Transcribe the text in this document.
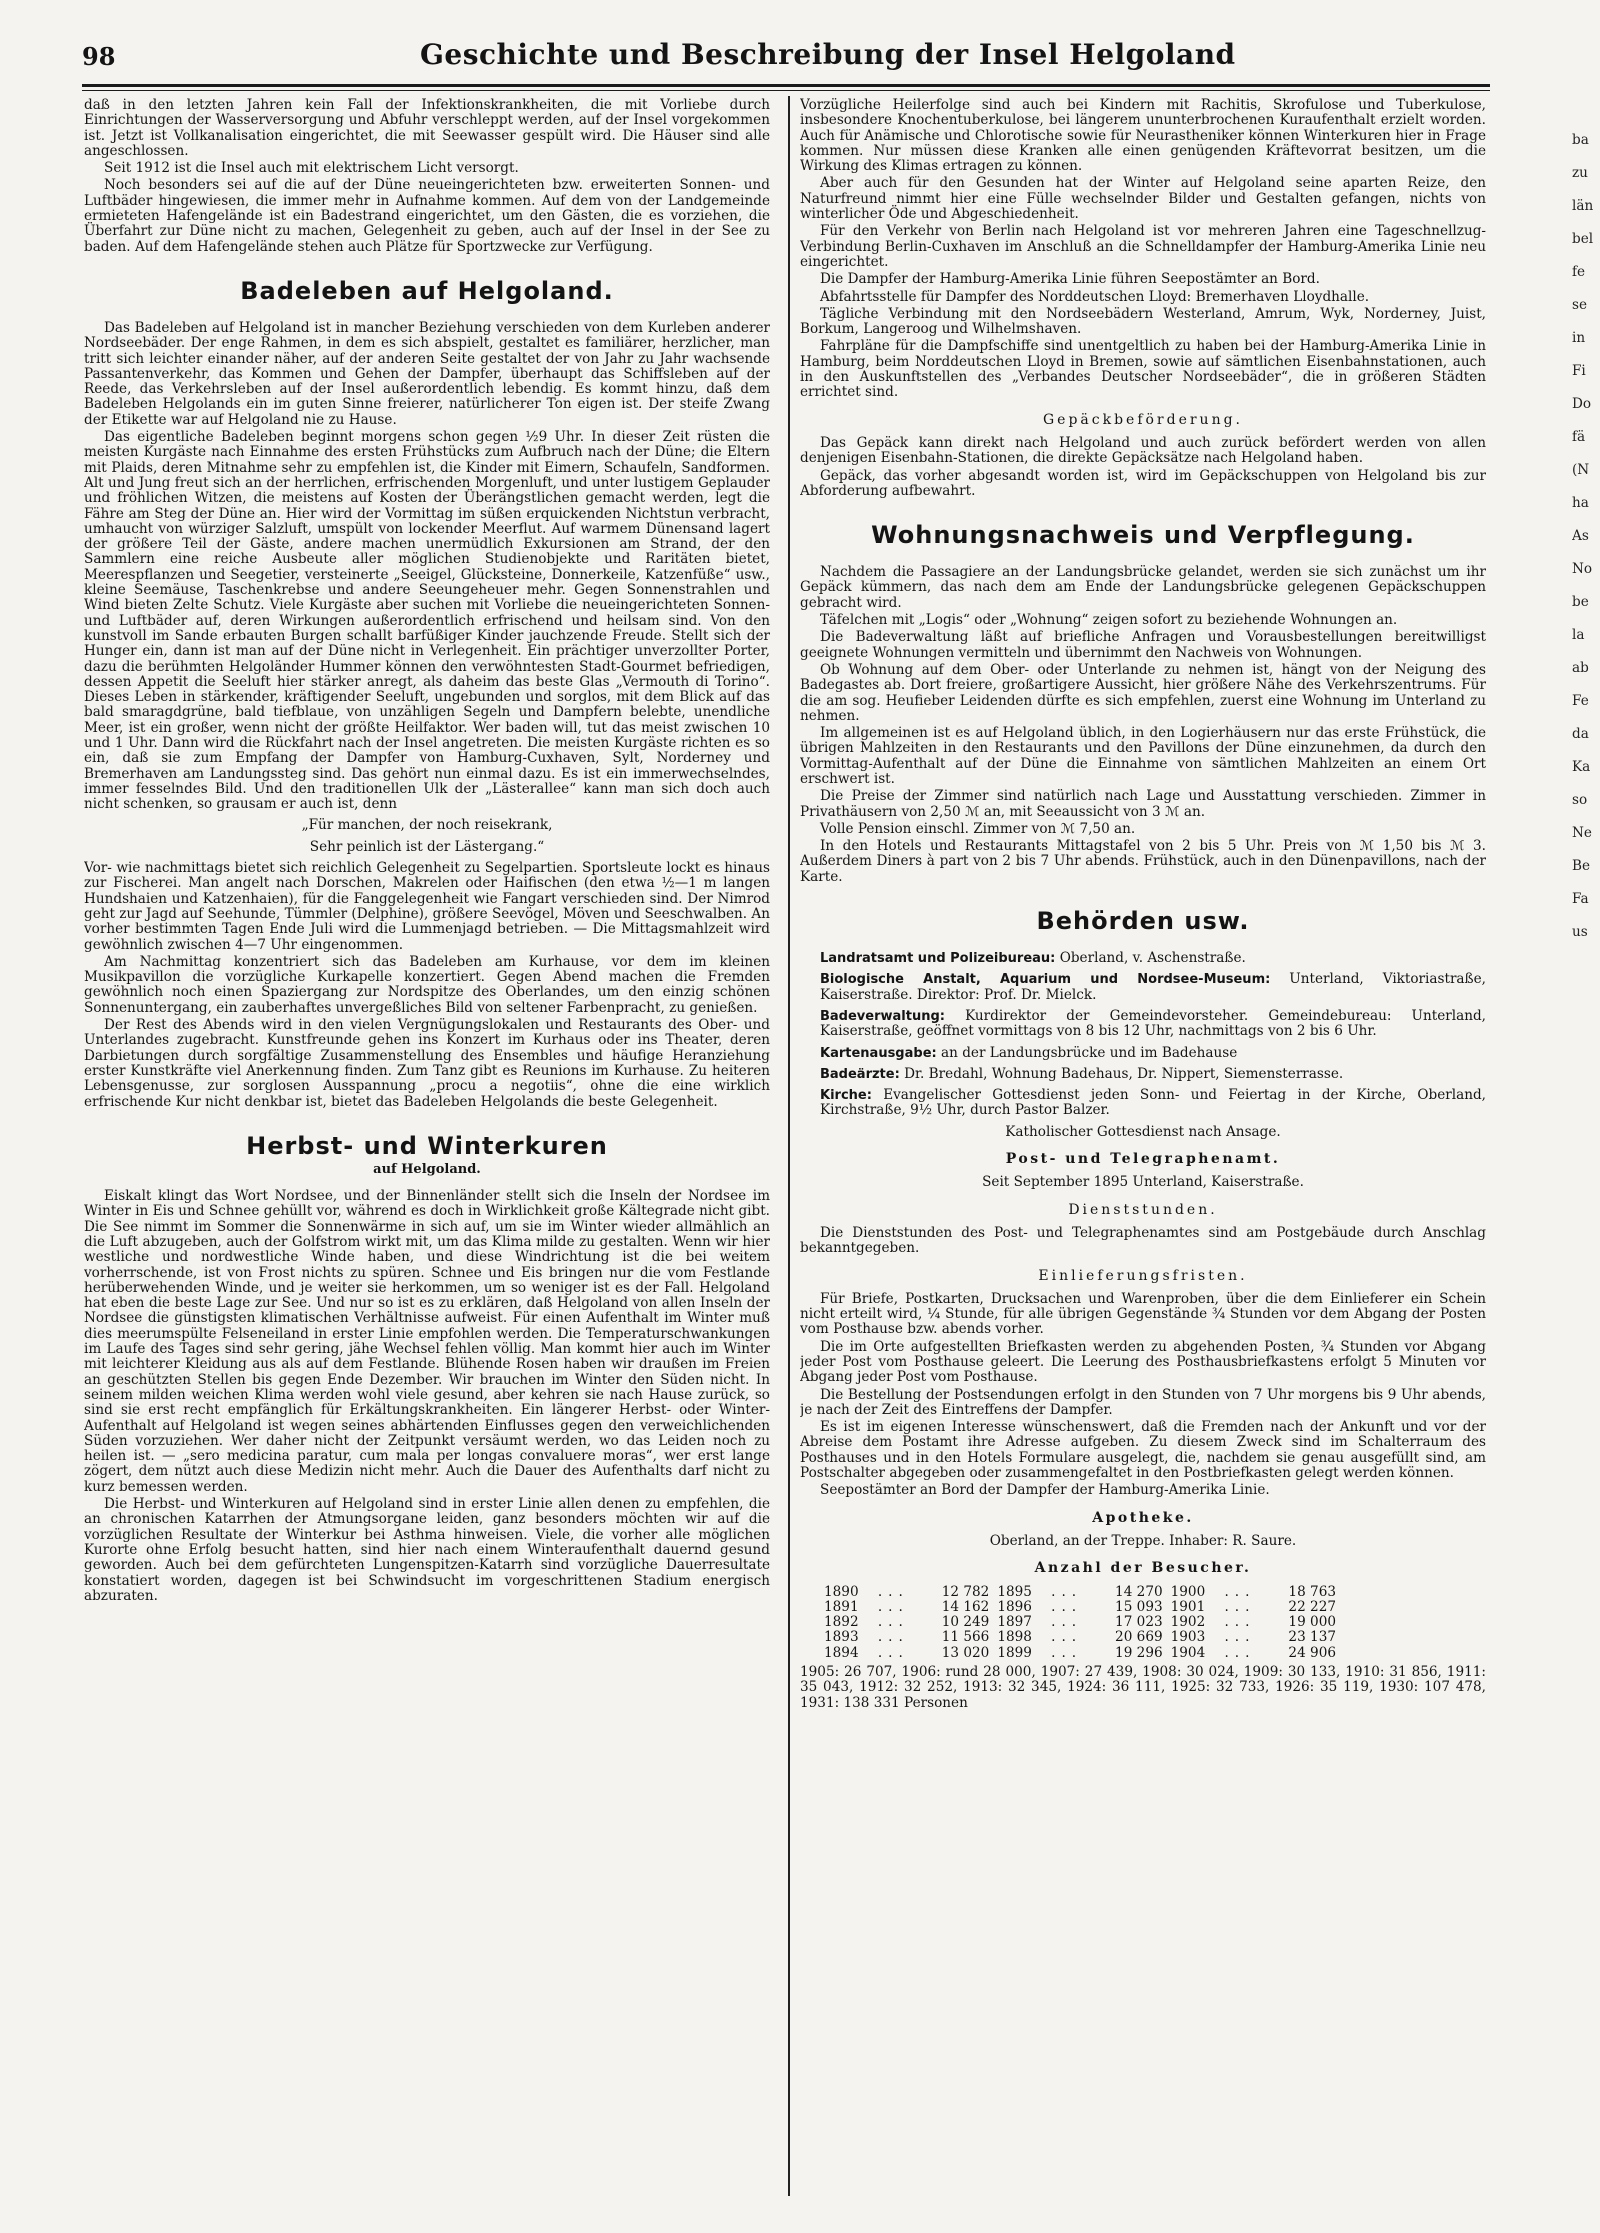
98	Geschichte und Beschreibung der Insel Helgoland

daß in den letzten Jahren kein Fall der Infektionskrankheiten, die mit Vorliebe durch Einrichtungen der Wasserversorgung und Abfuhr verschleppt werden, auf der Insel vorgekommen ist. Jetzt ist Vollkanalisation eingerichtet, die mit Seewasser gespült wird. Die Häuser sind alle angeschlossen.

Seit 1912 ist die Insel auch mit elektrischem Licht versorgt.

Noch besonders sei auf die auf der Düne neueingerichteten bzw. erweiterten Sonnen- und Luftbäder hingewiesen, die immer mehr in Aufnahme kommen. Auf dem von der Landgemeinde ermieteten Hafengelände ist ein Badestrand eingerichtet, um den Gästen, die es vorziehen, die Überfahrt zur Düne nicht zu machen, Gelegenheit zu geben, auch auf der Insel in der See zu baden. Auf dem Hafengelände stehen auch Plätze für Sportzwecke zur Verfügung.

Badeleben auf Helgoland.

Das Badeleben auf Helgoland ist in mancher Beziehung verschieden von dem Kurleben anderer Nordseebäder. Der enge Rahmen, in dem es sich abspielt, gestaltet es familiärer, herzlicher, man tritt sich leichter einander näher, auf der anderen Seite gestaltet der von Jahr zu Jahr wachsende Passantenverkehr, das Kommen und Gehen der Dampfer, überhaupt das Schiffsleben auf der Reede, das Verkehrsleben auf der Insel außerordentlich lebendig. Es kommt hinzu, daß dem Badeleben Helgolands ein im guten Sinne freierer, natürlicherer Ton eigen ist. Der steife Zwang der Etikette war auf Helgoland nie zu Hause.

Das eigentliche Badeleben beginnt morgens schon gegen ½9 Uhr. In dieser Zeit rüsten die meisten Kurgäste nach Einnahme des ersten Frühstücks zum Aufbruch nach der Düne; die Eltern mit Plaids, deren Mitnahme sehr zu empfehlen ist, die Kinder mit Eimern, Schaufeln, Sandformen. Alt und Jung freut sich an der herrlichen, erfrischenden Morgenluft, und unter lustigem Geplauder und fröhlichen Witzen, die meistens auf Kosten der Überängstlichen gemacht werden, legt die Fähre am Steg der Düne an. Hier wird der Vormittag im süßen erquickenden Nichtstun verbracht, umhaucht von würziger Salzluft, umspült von lockender Meerflut. Auf warmem Dünensand lagert der größere Teil der Gäste, andere machen unermüdlich Exkursionen am Strand, der den Sammlern eine reiche Ausbeute aller möglichen Studienobjekte und Raritäten bietet, Meerespflanzen und Seegetier, versteinerte „Seeigel, Glücksteine, Donnerkeile, Katzenfüße“ usw., kleine Seemäuse, Taschenkrebse und andere Seeungeheuer mehr. Gegen Sonnenstrahlen und Wind bieten Zelte Schutz. Viele Kurgäste aber suchen mit Vorliebe die neueingerichteten Sonnen- und Luftbäder auf, deren Wirkungen außerordentlich erfrischend und heilsam sind. Von den kunstvoll im Sande erbauten Burgen schallt barfüßiger Kinder jauchzende Freude. Stellt sich der Hunger ein, dann ist man auf der Düne nicht in Verlegenheit. Ein prächtiger unverzollter Porter, dazu die berühmten Helgoländer Hummer können den verwöhntesten Stadt-Gourmet befriedigen, dessen Appetit die Seeluft hier stärker anregt, als daheim das beste Glas „Vermouth di Torino“. Dieses Leben in stärkender, kräftigender Seeluft, ungebunden und sorglos, mit dem Blick auf das bald smaragdgrüne, bald tiefblaue, von unzähligen Segeln und Dampfern belebte, unendliche Meer, ist ein großer, wenn nicht der größte Heilfaktor. Wer baden will, tut das meist zwischen 10 und 1 Uhr. Dann wird die Rückfahrt nach der Insel angetreten. Die meisten Kurgäste richten es so ein, daß sie zum Empfang der Dampfer von Hamburg-Cuxhaven, Sylt, Norderney und Bremerhaven am Landungssteg sind. Das gehört nun einmal dazu. Es ist ein immerwechselndes, immer fesselndes Bild. Und den traditionellen Ulk der „Lästerallee“ kann man sich doch auch nicht schenken, so grausam er auch ist, denn

„Für manchen, der noch reisekrank,

Sehr peinlich ist der Lästergang.“

Vor- wie nachmittags bietet sich reichlich Gelegenheit zu Segelpartien. Sportsleute lockt es hinaus zur Fischerei. Man angelt nach Dorschen, Makrelen oder Haifischen (den etwa ½—1 m langen Hundshaien und Katzenhaien), für die Fanggelegenheit wie Fangart verschieden sind. Der Nimrod geht zur Jagd auf Seehunde, Tümmler (Delphine), größere Seevögel, Möven und Seeschwalben. An vorher bestimmten Tagen Ende Juli wird die Lummenjagd betrieben. — Die Mittagsmahlzeit wird gewöhnlich zwischen 4—7 Uhr eingenommen.

Am Nachmittag konzentriert sich das Badeleben am Kurhause, vor dem im kleinen Musikpavillon die vorzügliche Kurkapelle konzertiert. Gegen Abend machen die Fremden gewöhnlich noch einen Spaziergang zur Nordspitze des Oberlandes, um den einzig schönen Sonnenuntergang, ein zauberhaftes unvergeßliches Bild von seltener Farbenpracht, zu genießen.

Der Rest des Abends wird in den vielen Vergnügungslokalen und Restaurants des Ober- und Unterlandes zugebracht. Kunstfreunde gehen ins Konzert im Kurhaus oder ins Theater, deren Darbietungen durch sorgfältige Zusammenstellung des Ensembles und häufige Heranziehung erster Kunstkräfte viel Anerkennung finden. Zum Tanz gibt es Reunions im Kurhause. Zu heiteren Lebensgenusse, zur sorglosen Ausspannung „procu a negotiis“, ohne die eine wirklich erfrischende Kur nicht denkbar ist, bietet das Badeleben Helgolands die beste Gelegenheit.

Herbst- und Winterkuren

auf Helgoland.

Eiskalt klingt das Wort Nordsee, und der Binnenländer stellt sich die Inseln der Nordsee im Winter in Eis und Schnee gehüllt vor, während es doch in Wirklichkeit große Kältegrade nicht gibt. Die See nimmt im Sommer die Sonnenwärme in sich auf, um sie im Winter wieder allmählich an die Luft abzugeben, auch der Golfstrom wirkt mit, um das Klima milde zu gestalten. Wenn wir hier westliche und nordwestliche Winde haben, und diese Windrichtung ist die bei weitem vorherrschende, ist von Frost nichts zu spüren. Schnee und Eis bringen nur die vom Festlande herüberwehenden Winde, und je weiter sie herkommen, um so weniger ist es der Fall. Helgoland hat eben die beste Lage zur See. Und nur so ist es zu erklären, daß Helgoland von allen Inseln der Nordsee die günstigsten klimatischen Verhältnisse aufweist. Für einen Aufenthalt im Winter muß dies meerumspülte Felseneiland in erster Linie empfohlen werden. Die Temperaturschwankungen im Laufe des Tages sind sehr gering, jähe Wechsel fehlen völlig. Man kommt hier auch im Winter mit leichterer Kleidung aus als auf dem Festlande. Blühende Rosen haben wir draußen im Freien an geschützten Stellen bis gegen Ende Dezember. Wir brauchen im Winter den Süden nicht. In seinem milden weichen Klima werden wohl viele gesund, aber kehren sie nach Hause zurück, so sind sie erst recht empfänglich für Erkältungskrankheiten. Ein längerer Herbst- oder Winter-Aufenthalt auf Helgoland ist wegen seines abhärtenden Einflusses gegen den verweichlichenden Süden vorzuziehen. Wer daher nicht der Zeitpunkt versäumt werden, wo das Leiden noch zu heilen ist. — „sero medicina paratur, cum mala per longas convaluere moras“, wer erst lange zögert, dem nützt auch diese Medizin nicht mehr. Auch die Dauer des Aufenthalts darf nicht zu kurz bemessen werden.

Die Herbst- und Winterkuren auf Helgoland sind in erster Linie allen denen zu empfehlen, die an chronischen Katarrhen der Atmungsorgane leiden, ganz besonders möchten wir auf die vorzüglichen Resultate der Winterkur bei Asthma hinweisen. Viele, die vorher alle möglichen Kurorte ohne Erfolg besucht hatten, sind hier nach einem Winteraufenthalt dauernd gesund geworden. Auch bei dem gefürchteten Lungenspitzen-Katarrh sind vorzügliche Dauerresultate konstatiert worden, dagegen ist bei Schwindsucht im vorgeschrittenen Stadium energisch abzuraten.

Vorzügliche Heilerfolge sind auch bei Kindern mit Rachitis, Skrofulose und Tuberkulose, insbesondere Knochentuberkulose, bei längerem ununterbrochenen Kuraufenthalt erzielt worden. Auch für Anämische und Chlorotische sowie für Neurastheniker können Winterkuren hier in Frage kommen. Nur müssen diese Kranken alle einen genügenden Kräftevorrat besitzen, um die Wirkung des Klimas ertragen zu können.

Aber auch für den Gesunden hat der Winter auf Helgoland seine aparten Reize, den Naturfreund nimmt hier eine Fülle wechselnder Bilder und Gestalten gefangen, nichts von winterlicher Öde und Abgeschiedenheit.

Für den Verkehr von Berlin nach Helgoland ist vor mehreren Jahren eine Tageschnellzug-Verbindung Berlin-Cuxhaven im Anschluß an die Schnelldampfer der Hamburg-Amerika Linie neu eingerichtet.

Die Dampfer der Hamburg-Amerika Linie führen Seepostämter an Bord.

Abfahrtsstelle für Dampfer des Norddeutschen Lloyd: Bremerhaven Lloydhalle.

Tägliche Verbindung mit den Nordseebädern Westerland, Amrum, Wyk, Norderney, Juist, Borkum, Langeroog und Wilhelmshaven.

Fahrpläne für die Dampfschiffe sind unentgeltlich zu haben bei der Hamburg-Amerika Linie in Hamburg, beim Norddeutschen Lloyd in Bremen, sowie auf sämtlichen Eisenbahnstationen, auch in den Auskunftstellen des „Verbandes Deutscher Nordseebäder“, die in größeren Städten errichtet sind.

Gepäckbeförderung.

Das Gepäck kann direkt nach Helgoland und auch zurück befördert werden von allen denjenigen Eisenbahn-Stationen, die direkte Gepäcksätze nach Helgoland haben.

Gepäck, das vorher abgesandt worden ist, wird im Gepäckschuppen von Helgoland bis zur Abforderung aufbewahrt.

Wohnungsnachweis und Verpflegung.

Nachdem die Passagiere an der Landungsbrücke gelandet, werden sie sich zunächst um ihr Gepäck kümmern, das nach dem am Ende der Landungsbrücke gelegenen Gepäckschuppen gebracht wird.

Täfelchen mit „Logis“ oder „Wohnung“ zeigen sofort zu beziehende Wohnungen an.

Die Badeverwaltung läßt auf briefliche Anfragen und Vorausbestellungen bereitwilligst geeignete Wohnungen vermitteln und übernimmt den Nachweis von Wohnungen.

Ob Wohnung auf dem Ober- oder Unterlande zu nehmen ist, hängt von der Neigung des Badegastes ab. Dort freiere, großartigere Aussicht, hier größere Nähe des Verkehrszentrums. Für die am sog. Heufieber Leidenden dürfte es sich empfehlen, zuerst eine Wohnung im Unterland zu nehmen.

Im allgemeinen ist es auf Helgoland üblich, in den Logierhäusern nur das erste Frühstück, die übrigen Mahlzeiten in den Restaurants und den Pavillons der Düne einzunehmen, da durch den Vormittag-Aufenthalt auf der Düne die Einnahme von sämtlichen Mahlzeiten an einem Ort erschwert ist.

Die Preise der Zimmer sind natürlich nach Lage und Ausstattung verschieden. Zimmer in Privathäusern von 2,50 ℳ an, mit Seeaussicht von 3 ℳ an.

Volle Pension einschl. Zimmer von ℳ 7,50 an.

In den Hotels und Restaurants Mittagstafel von 2 bis 5 Uhr. Preis von ℳ 1,50 bis ℳ 3. Außerdem Diners à part von 2 bis 7 Uhr abends. Frühstück, auch in den Dünenpavillons, nach der Karte.

Behörden usw.

Landratsamt und Polizeibureau: Oberland, v. Aschenstraße.

Biologische Anstalt, Aquarium und Nordsee-Museum: Unterland, Viktoriastraße, Kaiserstraße. Direktor: Prof. Dr. Mielck.

Badeverwaltung: Kurdirektor der Gemeindevorsteher. Gemeindebureau: Unterland, Kaiserstraße, geöffnet vormittags von 8 bis 12 Uhr, nachmittags von 2 bis 6 Uhr.

Kartenausgabe: an der Landungsbrücke und im Badehause

Badeärzte: Dr. Bredahl, Wohnung Badehaus, Dr. Nippert, Siemensterrasse.

Kirche: Evangelischer Gottesdienst jeden Sonn- und Feiertag in der Kirche, Oberland, Kirchstraße, 9½ Uhr, durch Pastor Balzer.

Katholischer Gottesdienst nach Ansage.

Post- und Telegraphenamt.

Seit September 1895 Unterland, Kaiserstraße.

Dienststunden.

Die Dienststunden des Post- und Telegraphenamtes sind am Postgebäude durch Anschlag bekanntgegeben.

Einlieferungsfristen.

Für Briefe, Postkarten, Drucksachen und Warenproben, über die dem Einlieferer ein Schein nicht erteilt wird, ¼ Stunde, für alle übrigen Gegenstände ¾ Stunden vor dem Abgang der Posten vom Posthause bzw. abends vorher.

Die im Orte aufgestellten Briefkasten werden zu abgehenden Posten, ¾ Stunden vor Abgang jeder Post vom Posthause geleert. Die Leerung des Posthausbriefkastens erfolgt 5 Minuten vor Abgang jeder Post vom Posthause.

Die Bestellung der Postsendungen erfolgt in den Stunden von 7 Uhr morgens bis 9 Uhr abends, je nach der Zeit des Eintreffens der Dampfer.

Es ist im eigenen Interesse wünschenswert, daß die Fremden nach der Ankunft und vor der Abreise dem Postamt ihre Adresse aufgeben. Zu diesem Zweck sind im Schalterraum des Posthauses und in den Hotels Formulare ausgelegt, die, nachdem sie genau ausgefüllt sind, am Postschalter abgegeben oder zusammengefaltet in den Postbriefkasten gelegt werden können.

Seepostämter an Bord der Dampfer der Hamburg-Amerika Linie.

Apotheke.

Oberland, an der Treppe. Inhaber: R. Saure.

Anzahl der Besucher.
1890	...	12 782	1895	...	14 270	1900	...	18 763
1891	...	14 162	1896	...	15 093	1901	...	22 227
1892	...	10 249	1897	...	17 023	1902	...	19 000
1893	...	11 566	1898	...	20 669	1903	...	23 137
1894	...	13 020	1899	...	19 296	1904	...	24 906

1905: 26 707, 1906: rund 28 000, 1907: 27 439, 1908: 30 024, 1909: 30 133, 1910: 31 856, 1911: 35 043, 1912: 32 252, 1913: 32 345, 1924: 36 111, 1925: 32 733, 1926: 35 119, 1930: 107 478, 1931: 138 331 Personen

ba
zu
län
bel
fe
se
in
Fi
Do
fä
(N
ha
As
No
be
la
ab
Fe
da
Ka
so
Ne
Be
Fa
us
